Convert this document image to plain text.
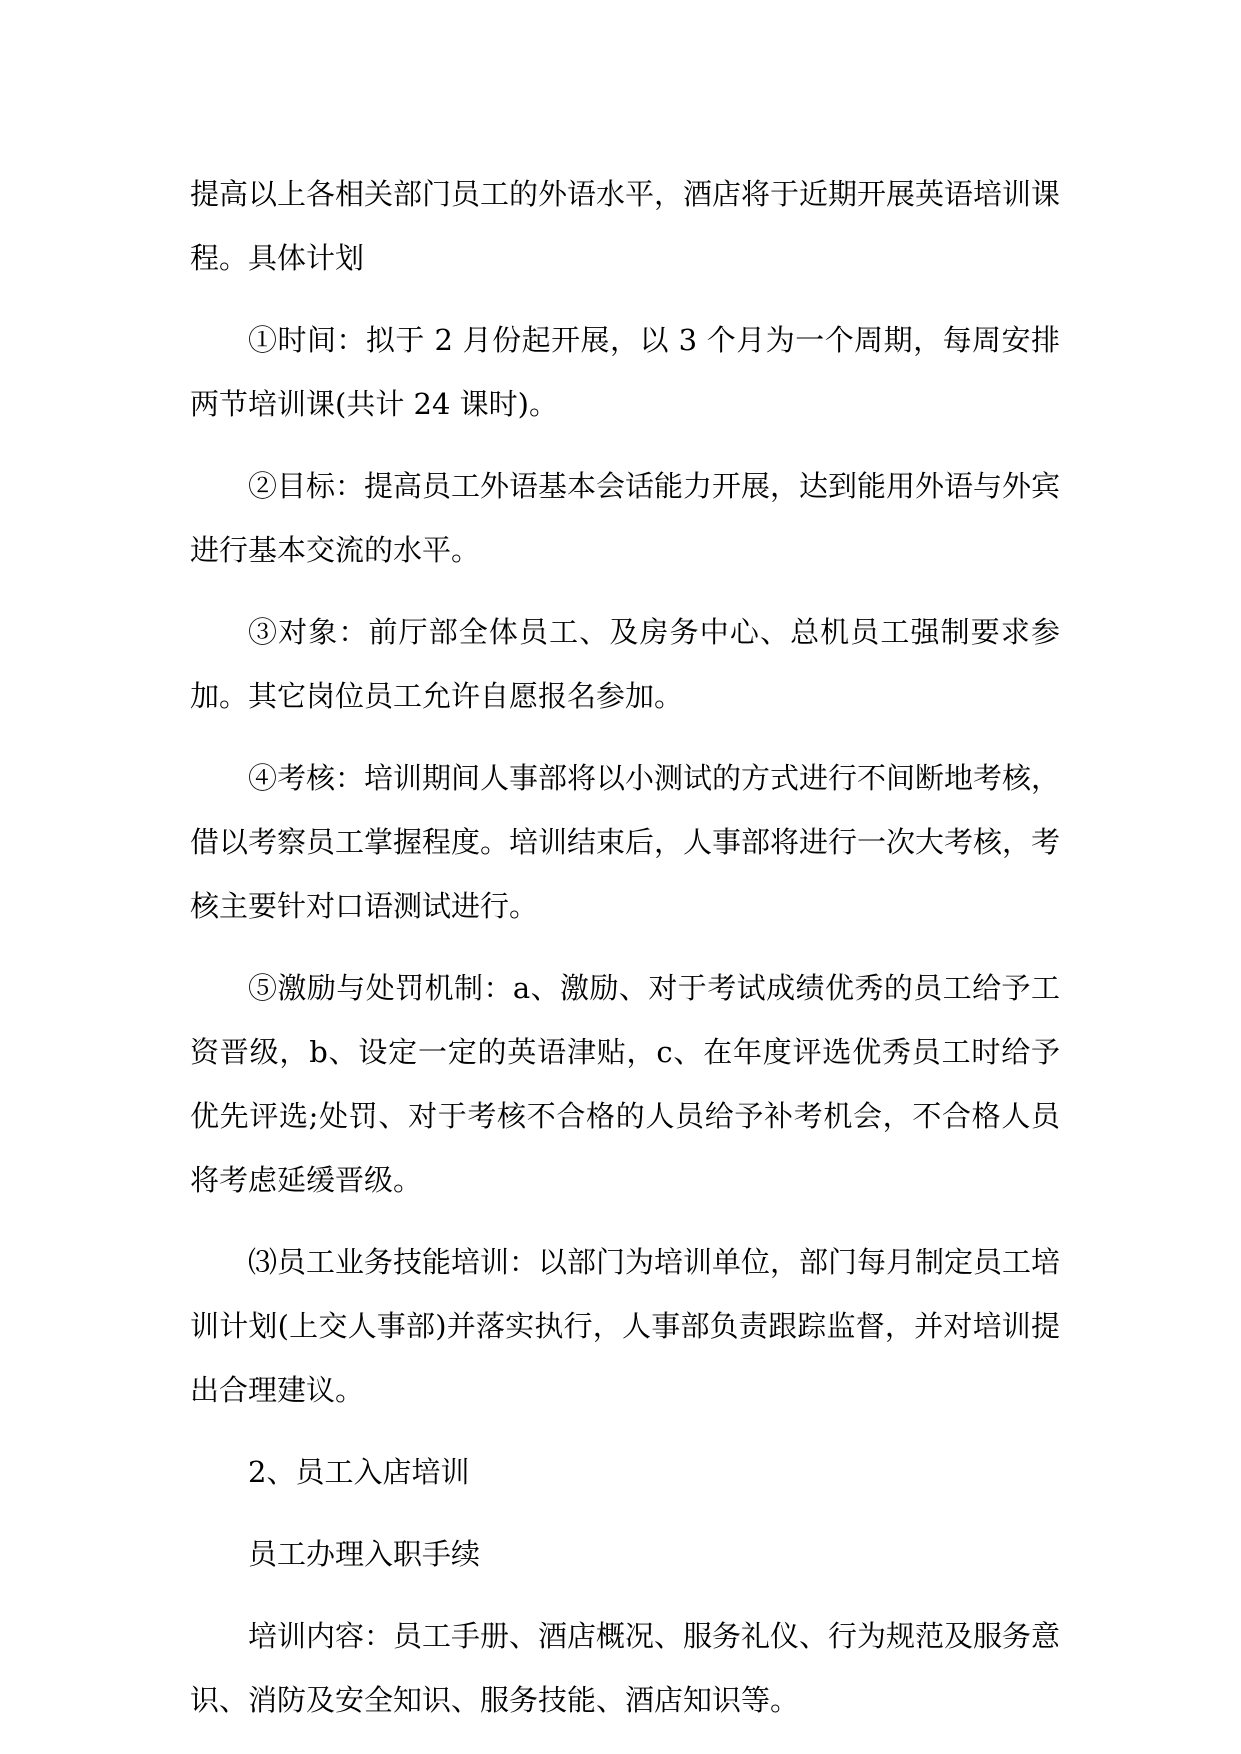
提高以上各相关部门员工的外语水平，酒店将于近期开展英语培训课程。具体计划

①时间：拟于 2 月份起开展，以 3 个月为一个周期，每周安排两节培训课(共计 24 课时)。

②目标：提高员工外语基本会话能力开展，达到能用外语与外宾进行基本交流的水平。

③对象：前厅部全体员工、及房务中心、总机员工强制要求参加。其它岗位员工允许自愿报名参加。

④考核：培训期间人事部将以小测试的方式进行不间断地考核，借以考察员工掌握程度。培训结束后，人事部将进行一次大考核，考核主要针对口语测试进行。

⑤激励与处罚机制：a、激励、对于考试成绩优秀的员工给予工资晋级，b、设定一定的英语津贴，c、在年度评选优秀员工时给予优先评选;处罚、对于考核不合格的人员给予补考机会，不合格人员将考虑延缓晋级。

⑶员工业务技能培训：以部门为培训单位，部门每月制定员工培训计划(上交人事部)并落实执行，人事部负责跟踪监督，并对培训提出合理建议。

2、员工入店培训

员工办理入职手续

培训内容：员工手册、酒店概况、服务礼仪、行为规范及服务意识、消防及安全知识、服务技能、酒店知识等。
